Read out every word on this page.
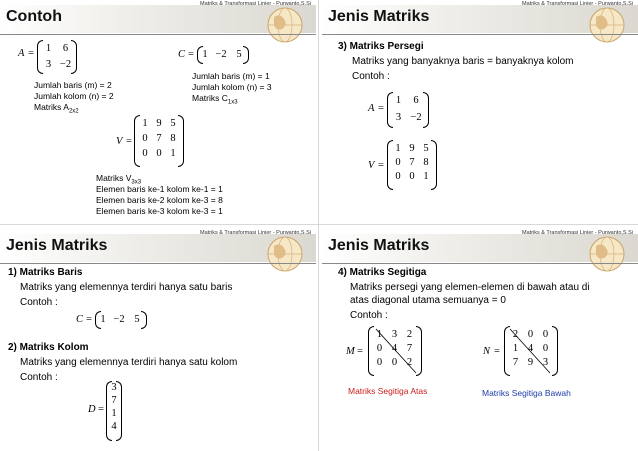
Matriks & Transformasi Linier - Purwanto,S.Si
Contoh
A =	1	6
3 −2
Jumlah baris (m) = 2
Jumlah kolom (n) = 2
Matriks $A_{2x2}$
C = 1 −2 5
Jumlah baris (m) = 1
Jumlah kolom (n) = 3
Matriks $C_{1x3}$
V =
1 9 5
0 7 8
0 0 1
Matriks $V_{3x3}$
Elemen baris ke-1 kolom ke-1 = 1
Elemen baris ke-2 kolom ke-3 = 8
Elemen baris ke-3 kolom ke-3 = 1
Matriks & Transformasi Linier - Purwanto,S.Si
Jenis Matriks
3) Matriks Persegi
Matriks yang banyaknya baris = banyaknya kolom
Contoh :
A =
1	6
3 −2
V =
1 9 5
0 7 8
0 0 1
Matriks & Transformasi Linier - Purwanto,S.Si
Jenis Matriks
1) Matriks Baris
Matriks yang elemennya terdiri hanya satu baris
Contoh :
C = 1 −2 5
2) Matriks Kolom
Matriks yang elemennya terdiri hanya satu kolom
Contoh :
D =
3
7
1
4
Matriks & Transformasi Linier - Purwanto,S.Si
Jenis Matriks
4) Matriks Segitiga
Matriks persegi yang elemen-elemen di bawah atau di
atas diagonal utama semuanya = 0
Contoh :
M =
1 3 2
0 4 7
0 0 2
N =
2 0 0
1 4 0
7 9 3
Matriks Segitiga Atas	Matriks Segitiga Bawah
